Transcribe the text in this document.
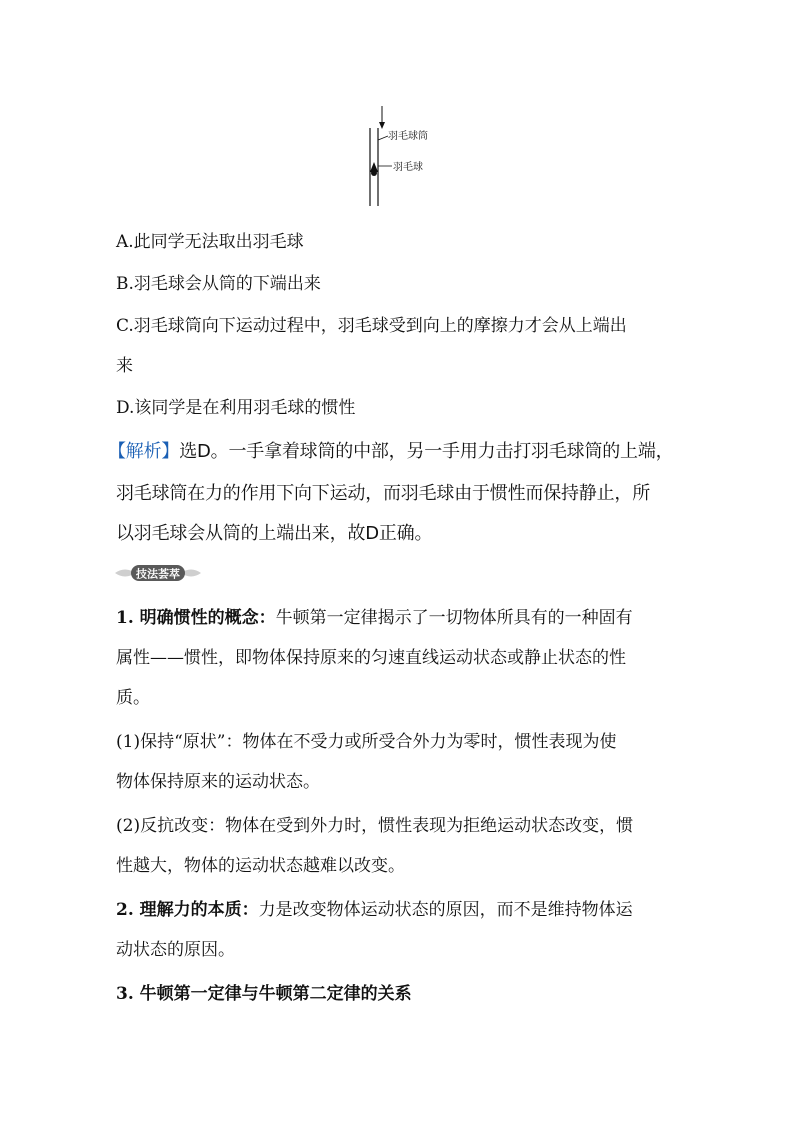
羽毛球筒
羽毛球
A.此同学无法取出羽毛球
B.羽毛球会从筒的下端出来
C.羽毛球筒向下运动过程中，羽毛球受到向上的摩擦力才会从上端出
来
D.该同学是在利用羽毛球的惯性
【解析】选D。一手拿着球筒的中部，另一手用力击打羽毛球筒的上端，
羽毛球筒在力的作用下向下运动，而羽毛球由于惯性而保持静止，所
以羽毛球会从筒的上端出来，故D正确。
技法荟萃
1. 明确惯性的概念：牛顿第一定律揭示了一切物体所具有的一种固有
属性——惯性，即物体保持原来的匀速直线运动状态或静止状态的性
质。
(1)保持“原状”：物体在不受力或所受合外力为零时，惯性表现为使
物体保持原来的运动状态。
(2)反抗改变：物体在受到外力时，惯性表现为拒绝运动状态改变，惯
性越大，物体的运动状态越难以改变。
2. 理解力的本质：力是改变物体运动状态的原因，而不是维持物体运
动状态的原因。
3. 牛顿第一定律与牛顿第二定律的关系
